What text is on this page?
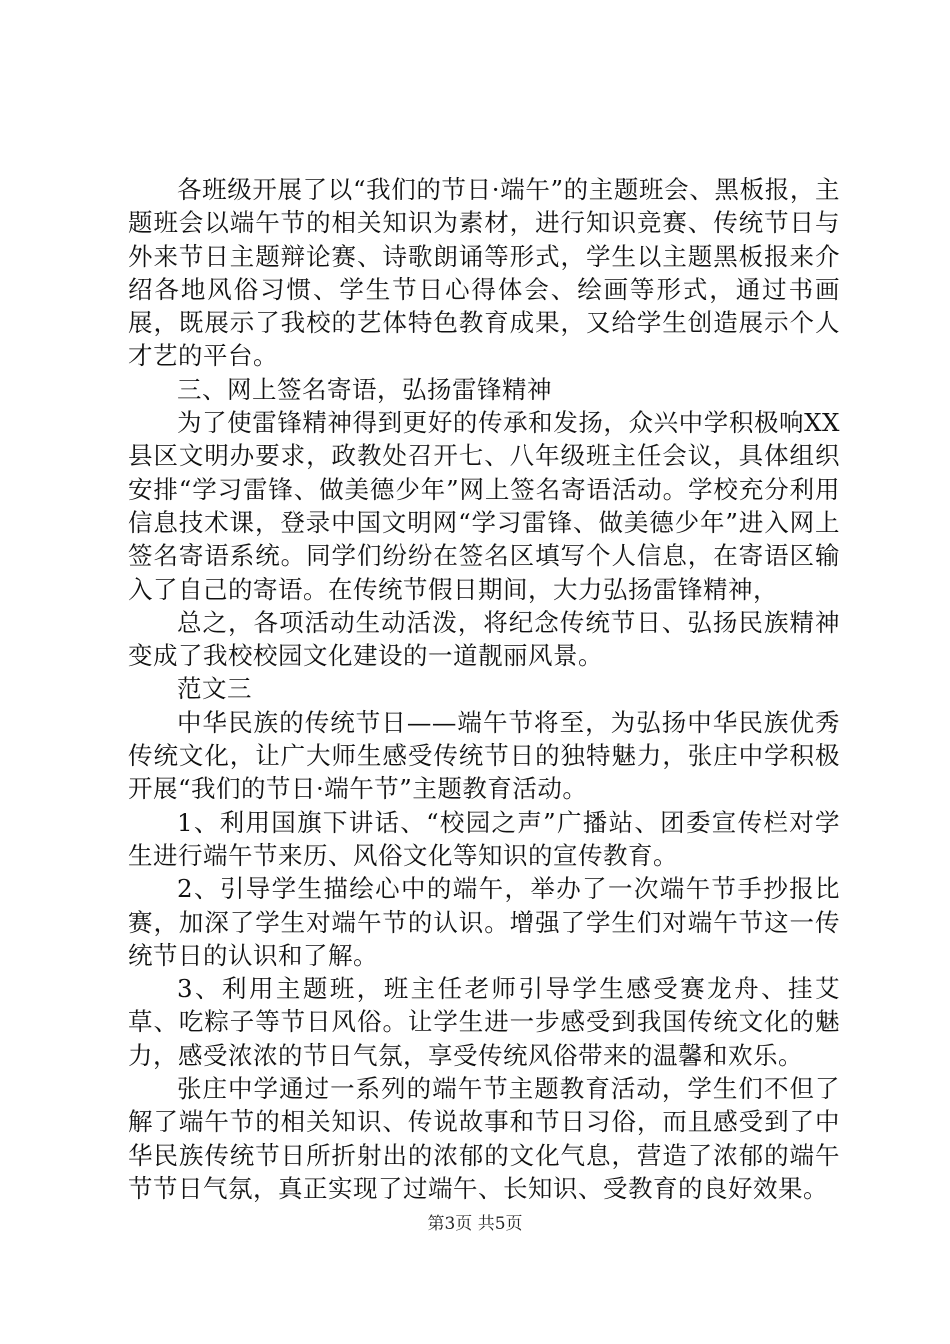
各班级开展了以“我们的节日·端午”的主题班会、黑板报，主题班会以端午节的相关知识为素材，进行知识竞赛、传统节日与外来节日主题辩论赛、诗歌朗诵等形式，学生以主题黑板报来介绍各地风俗习惯、学生节日心得体会、绘画等形式，通过书画展，既展示了我校的艺体特色教育成果，又给学生创造展示个人才艺的平台。

三、网上签名寄语，弘扬雷锋精神

为了使雷锋精神得到更好的传承和发扬，众兴中学积极响XX县区文明办要求，政教处召开七、八年级班主任会议，具体组织安排“学习雷锋、做美德少年”网上签名寄语活动。学校充分利用信息技术课，登录中国文明网“学习雷锋、做美德少年”进入网上签名寄语系统。同学们纷纷在签名区填写个人信息，在寄语区输入了自己的寄语。在传统节假日期间，大力弘扬雷锋精神，

总之，各项活动生动活泼，将纪念传统节日、弘扬民族精神变成了我校校园文化建设的一道靓丽风景。

范文三

中华民族的传统节日——端午节将至，为弘扬中华民族优秀传统文化，让广大师生感受传统节日的独特魅力，张庄中学积极开展“我们的节日·端午节”主题教育活动。

1、利用国旗下讲话、“校园之声”广播站、团委宣传栏对学生进行端午节来历、风俗文化等知识的宣传教育。

2、引导学生描绘心中的端午，举办了一次端午节手抄报比赛，加深了学生对端午节的认识。增强了学生们对端午节这一传统节日的认识和了解。

3、利用主题班，班主任老师引导学生感受赛龙舟、挂艾草、吃粽子等节日风俗。让学生进一步感受到我国传统文化的魅力，感受浓浓的节日气氛，享受传统风俗带来的温馨和欢乐。

张庄中学通过一系列的端午节主题教育活动，学生们不但了解了端午节的相关知识、传说故事和节日习俗，而且感受到了中华民族传统节日所折射出的浓郁的文化气息，营造了浓郁的端午节节日气氛，真正实现了过端午、长知识、受教育的良好效果。

第3页 共5页
